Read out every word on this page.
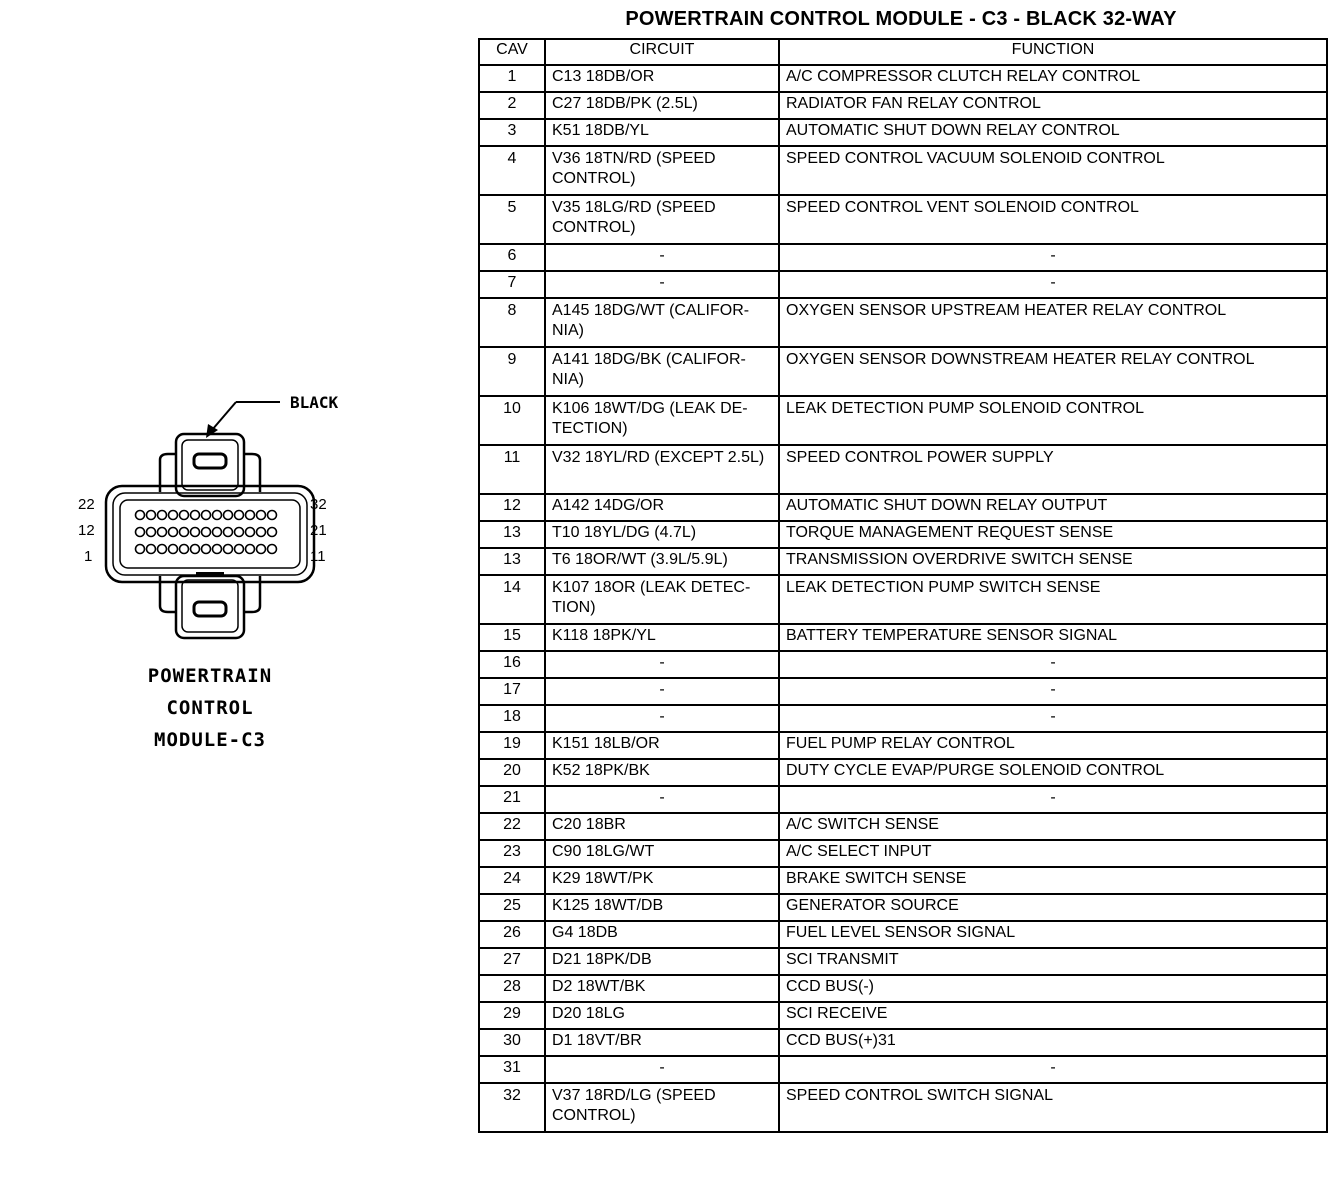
BLACK
22
12
1
32
21
11
POWERTRAIN
CONTROL
MODULE-C3
POWERTRAIN CONTROL MODULE - C3 - BLACK 32-WAY
CAV	CIRCUIT	FUNCTION
1	C13 18DB/OR	A/C COMPRESSOR CLUTCH RELAY CONTROL
2	C27 18DB/PK (2.5L)	RADIATOR FAN RELAY CONTROL
3	K51 18DB/YL	AUTOMATIC SHUT DOWN RELAY CONTROL
4	V36 18TN/RD (SPEED CONTROL)	SPEED CONTROL VACUUM SOLENOID CONTROL
5	V35 18LG/RD (SPEED CONTROL)	SPEED CONTROL VENT SOLENOID CONTROL
6	-	-
7	-	-
8	A145 18DG/WT (CALIFOR- NIA)	OXYGEN SENSOR UPSTREAM HEATER RELAY CONTROL
9	A141 18DG/BK (CALIFOR- NIA)	OXYGEN SENSOR DOWNSTREAM HEATER RELAY CONTROL
10	K106 18WT/DG (LEAK DE- TECTION)	LEAK DETECTION PUMP SOLENOID CONTROL
11	V32 18YL/RD (EXCEPT 2.5L)	SPEED CONTROL POWER SUPPLY
12	A142 14DG/OR	AUTOMATIC SHUT DOWN RELAY OUTPUT
13	T10 18YL/DG (4.7L)	TORQUE MANAGEMENT REQUEST SENSE
13	T6 18OR/WT (3.9L/5.9L)	TRANSMISSION OVERDRIVE SWITCH SENSE
14	K107 18OR (LEAK DETEC- TION)	LEAK DETECTION PUMP SWITCH SENSE
15	K118 18PK/YL	BATTERY TEMPERATURE SENSOR SIGNAL
16	-	-
17	-	-
18	-	-
19	K151 18LB/OR	FUEL PUMP RELAY CONTROL
20	K52 18PK/BK	DUTY CYCLE EVAP/PURGE SOLENOID CONTROL
21	-	-
22	C20 18BR	A/C SWITCH SENSE
23	C90 18LG/WT	A/C SELECT INPUT
24	K29 18WT/PK	BRAKE SWITCH SENSE
25	K125 18WT/DB	GENERATOR SOURCE
26	G4 18DB	FUEL LEVEL SENSOR SIGNAL
27	D21 18PK/DB	SCI TRANSMIT
28	D2 18WT/BK	CCD BUS(-)
29	D20 18LG	SCI RECEIVE
30	D1 18VT/BR	CCD BUS(+)31
31	-	-
32	V37 18RD/LG (SPEED CONTROL)	SPEED CONTROL SWITCH SIGNAL
